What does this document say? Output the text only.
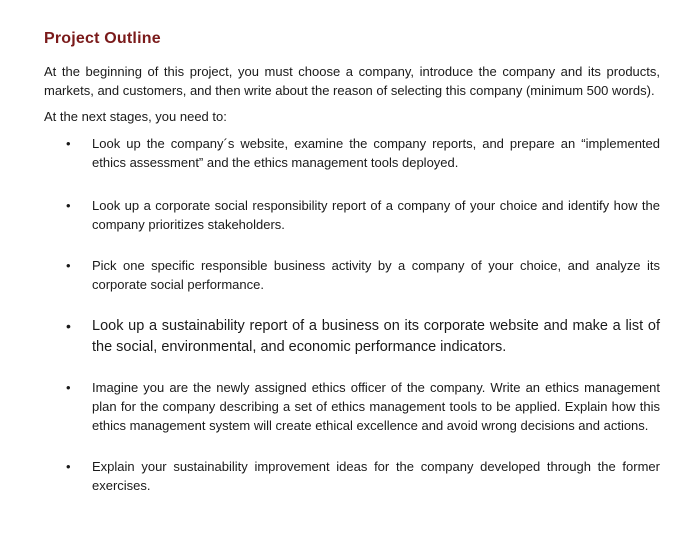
Project Outline

At the beginning of this project, you must choose a company, introduce the company and its products, markets, and customers, and then write about the reason of selecting this company (minimum 500 words).

At the next stages, you need to:

• Look up the company´s website, examine the company reports, and prepare an “implemented ethics assessment” and the ethics management tools deployed.
• Look up a corporate social responsibility report of a company of your choice and identify how the company prioritizes stakeholders.
• Pick one specific responsible business activity by a company of your choice, and analyze its corporate social performance.
• Look up a sustainability report of a business on its corporate website and make a list of the social, environmental, and economic performance indicators.
• Imagine you are the newly assigned ethics officer of the company. Write an ethics management plan for the company describing a set of ethics management tools to be applied. Explain how this ethics management system will create ethical excellence and avoid wrong decisions and actions.
• Explain your sustainability improvement ideas for the company developed through the former exercises.
